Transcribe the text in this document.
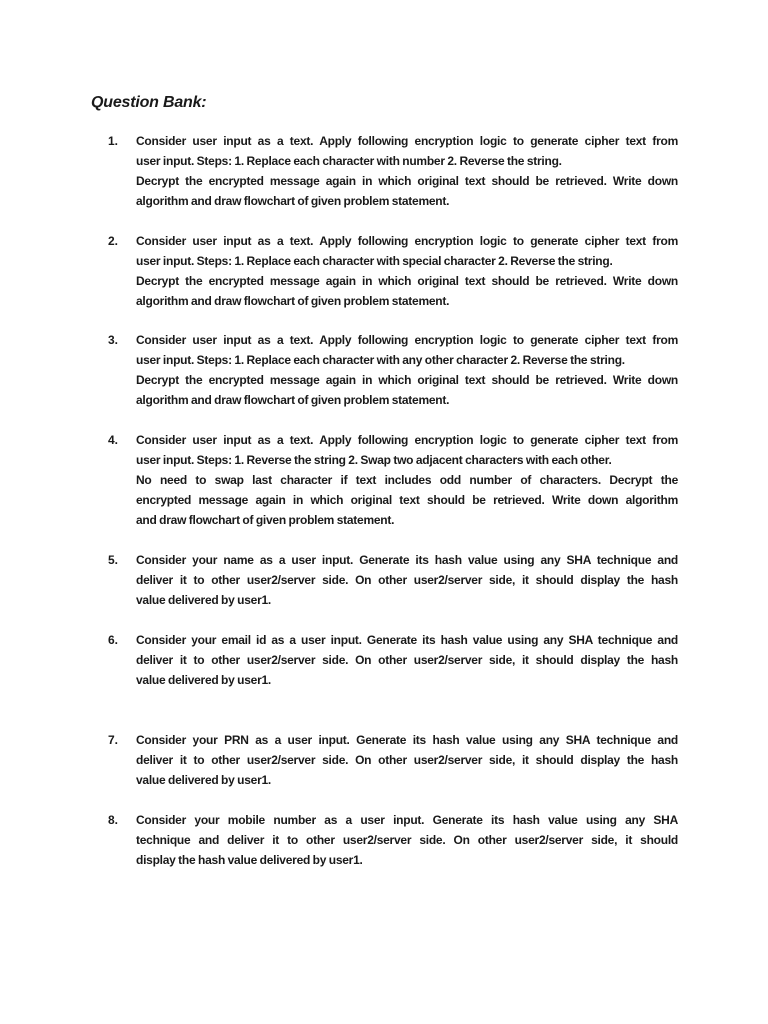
Question Bank:
1.	Consider user input as a text. Apply following encryption logic to generate cipher text from
user input. Steps: 1. Replace each character with number 2. Reverse the string.
Decrypt the encrypted message again in which original text should be retrieved. Write down
algorithm and draw flowchart of given problem statement.
2.	Consider user input as a text. Apply following encryption logic to generate cipher text from
user input. Steps: 1. Replace each character with special character 2. Reverse the string.
Decrypt the encrypted message again in which original text should be retrieved. Write down
algorithm and draw flowchart of given problem statement.
3.	Consider user input as a text. Apply following encryption logic to generate cipher text from
user input. Steps: 1. Replace each character with any other character 2. Reverse the string.
Decrypt the encrypted message again in which original text should be retrieved. Write down
algorithm and draw flowchart of given problem statement.
4.	Consider user input as a text. Apply following encryption logic to generate cipher text from
user input. Steps: 1. Reverse the string 2. Swap two adjacent characters with each other.
No need to swap last character if text includes odd number of characters. Decrypt the
encrypted message again in which original text should be retrieved. Write down algorithm
and draw flowchart of given problem statement.
5.	Consider your name as a user input. Generate its hash value using any SHA technique and
deliver it to other user2/server side. On other user2/server side, it should display the hash
value delivered by user1.
6.	Consider your email id as a user input. Generate its hash value using any SHA technique and
deliver it to other user2/server side. On other user2/server side, it should display the hash
value delivered by user1.
7.	Consider your PRN as a user input. Generate its hash value using any SHA technique and
deliver it to other user2/server side. On other user2/server side, it should display the hash
value delivered by user1.
8.	Consider your mobile number as a user input. Generate its hash value using any SHA
technique and deliver it to other user2/server side. On other user2/server side, it should
display the hash value delivered by user1.
